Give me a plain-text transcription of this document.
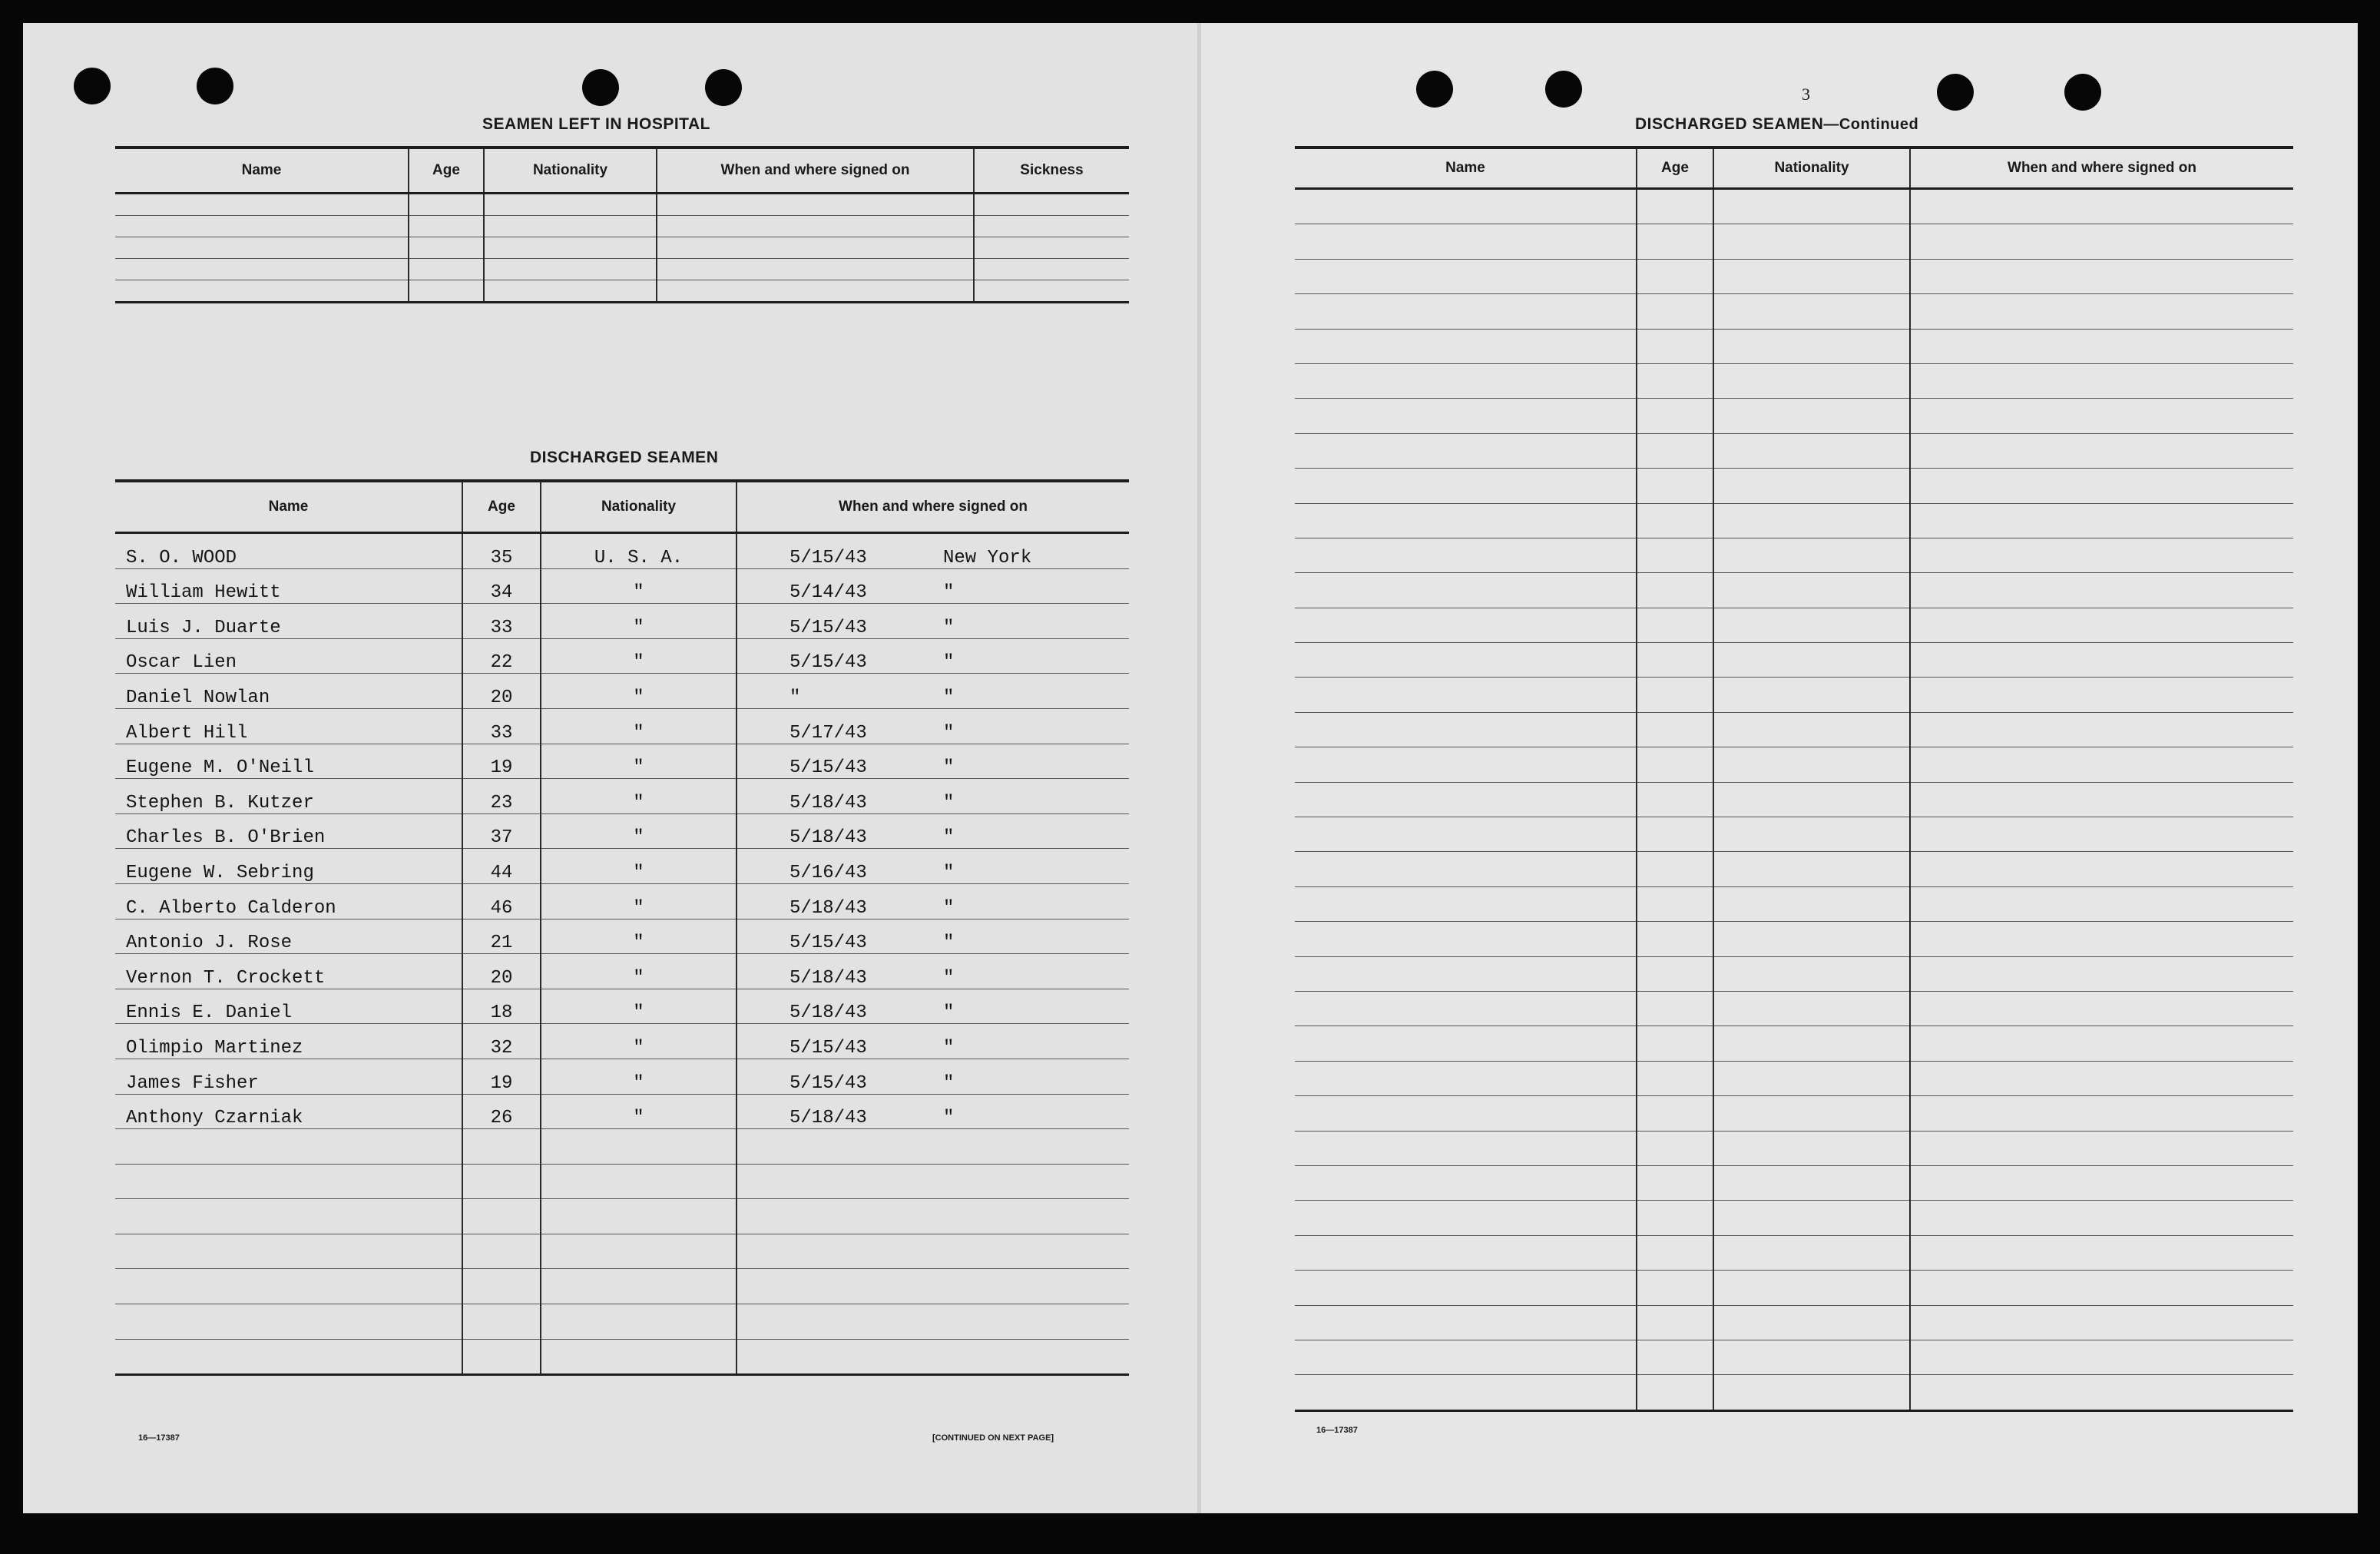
SEAMEN LEFT IN HOSPITAL
Name	Age	Nationality	When and where signed on	Sickness

DISCHARGED SEAMEN
Name	Age	Nationality	When and where signed on
S. O. WOOD	35	U. S. A.	5/15/43 New York
William Hewitt	34	"	5/14/43 "
Luis J. Duarte	33	"	5/15/43 "
Oscar Lien	22	"	5/15/43 "
Daniel Nowlan	20	"	" "
Albert Hill	33	"	5/17/43 "
Eugene M. O'Neill	19	"	5/15/43 "
Stephen B. Kutzer	23	"	5/18/43 "
Charles B. O'Brien	37	"	5/18/43 "
Eugene W. Sebring	44	"	5/16/43 "
C. Alberto Calderon	46	"	5/18/43 "
Antonio J. Rose	21	"	5/15/43 "
Vernon T. Crockett	20	"	5/18/43 "
Ennis E. Daniel	18	"	5/18/43 "
Olimpio Martinez	32	"	5/15/43 "
James Fisher	19	"	5/15/43 "
Anthony Czarniak	26	"	5/18/43 "

16—17387	[CONTINUED ON NEXT PAGE]
3
DISCHARGED SEAMEN—Continued
Name	Age	Nationality	When and where signed on

16—17387
